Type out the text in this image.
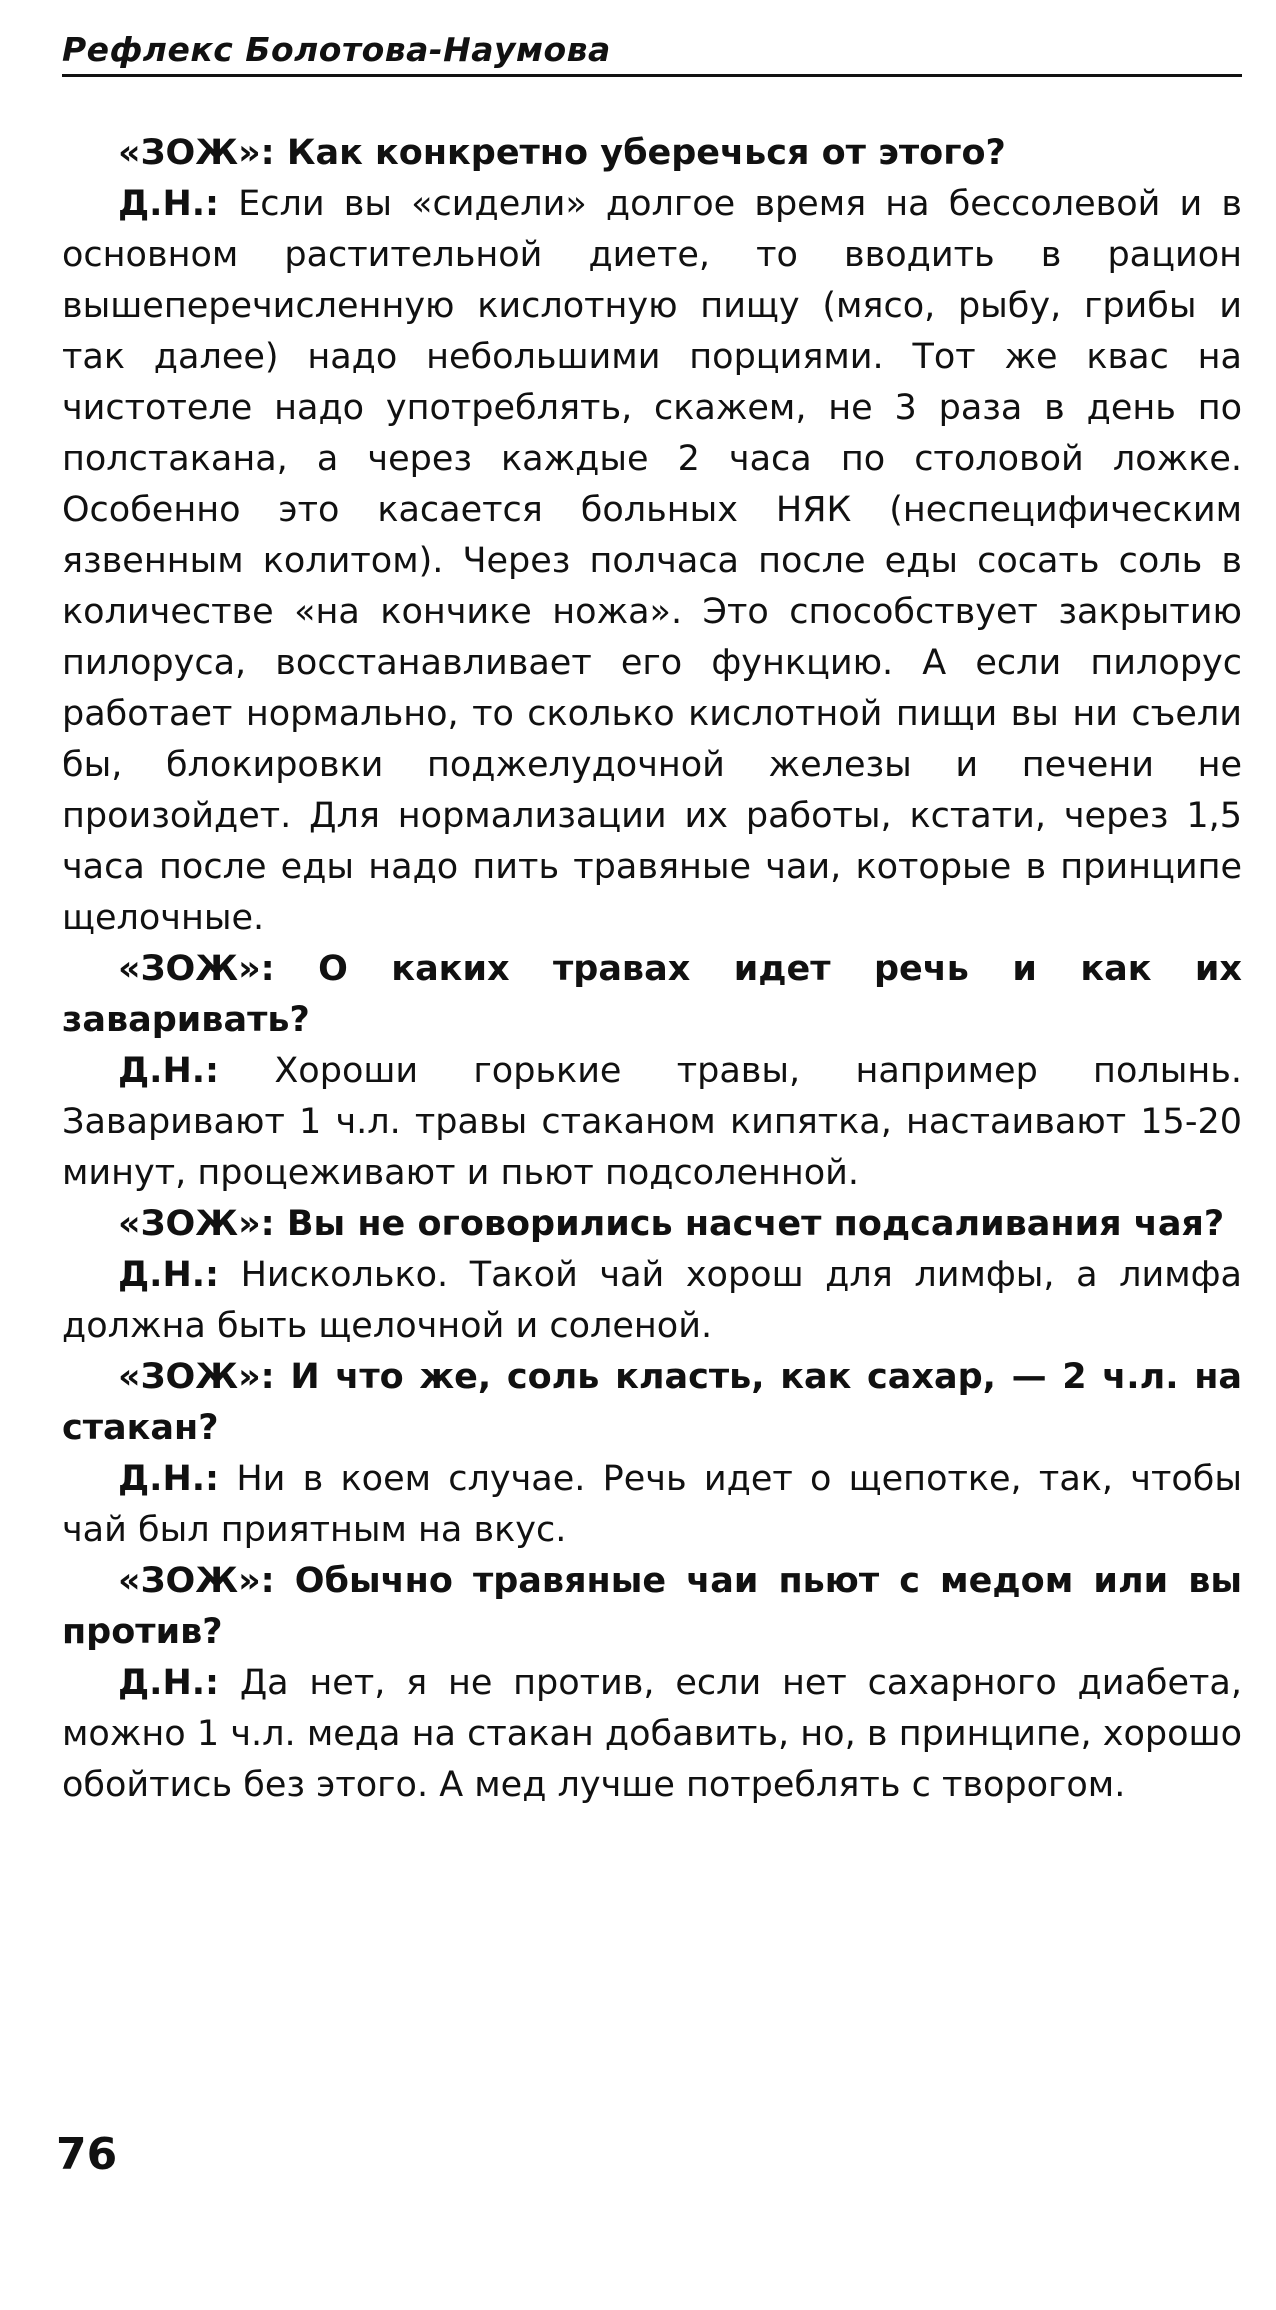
Рефлекс Болотова-Наумова

«ЗОЖ»: Как конкретно уберечься от этого?

Д.Н.: Если вы «сидели» долгое время на бессолевой и в основном растительной диете, то вводить в рацион вышеперечисленную кислотную пищу (мясо, рыбу, грибы и так далее) надо небольшими порциями. Тот же квас на чистотеле надо употреблять, скажем, не 3 раза в день по полстакана, а через каждые 2 часа по столовой ложке. Особенно это касается больных НЯК (неспецифическим язвенным колитом). Через полчаса после еды сосать соль в количестве «на кончике ножа». Это способствует закрытию пилоруса, восстанавливает его функцию. А если пилорус работает нормально, то сколько кислотной пищи вы ни съели бы, блокировки поджелудочной железы и печени не произойдет. Для нормализации их работы, кстати, через 1,5 часа после еды надо пить травяные чаи, которые в принципе щелочные.

«ЗОЖ»: О каких травах идет речь и как их заваривать?

Д.Н.: Хороши горькие травы, например полынь. Заваривают 1 ч.л. травы стаканом кипятка, настаивают 15-20 минут, процеживают и пьют подсоленной.

«ЗОЖ»: Вы не оговорились насчет подсаливания чая?

Д.Н.: Нисколько. Такой чай хорош для лимфы, а лимфа должна быть щелочной и соленой.

«ЗОЖ»: И что же, соль класть, как сахар, — 2 ч.л. на стакан?

Д.Н.: Ни в коем случае. Речь идет о щепотке, так, чтобы чай был приятным на вкус.

«ЗОЖ»: Обычно травяные чаи пьют с медом или вы против?

Д.Н.: Да нет, я не против, если нет сахарного диабета, можно 1 ч.л. меда на стакан добавить, но, в принципе, хорошо обойтись без этого. А мед лучше потреблять с творогом.

76
